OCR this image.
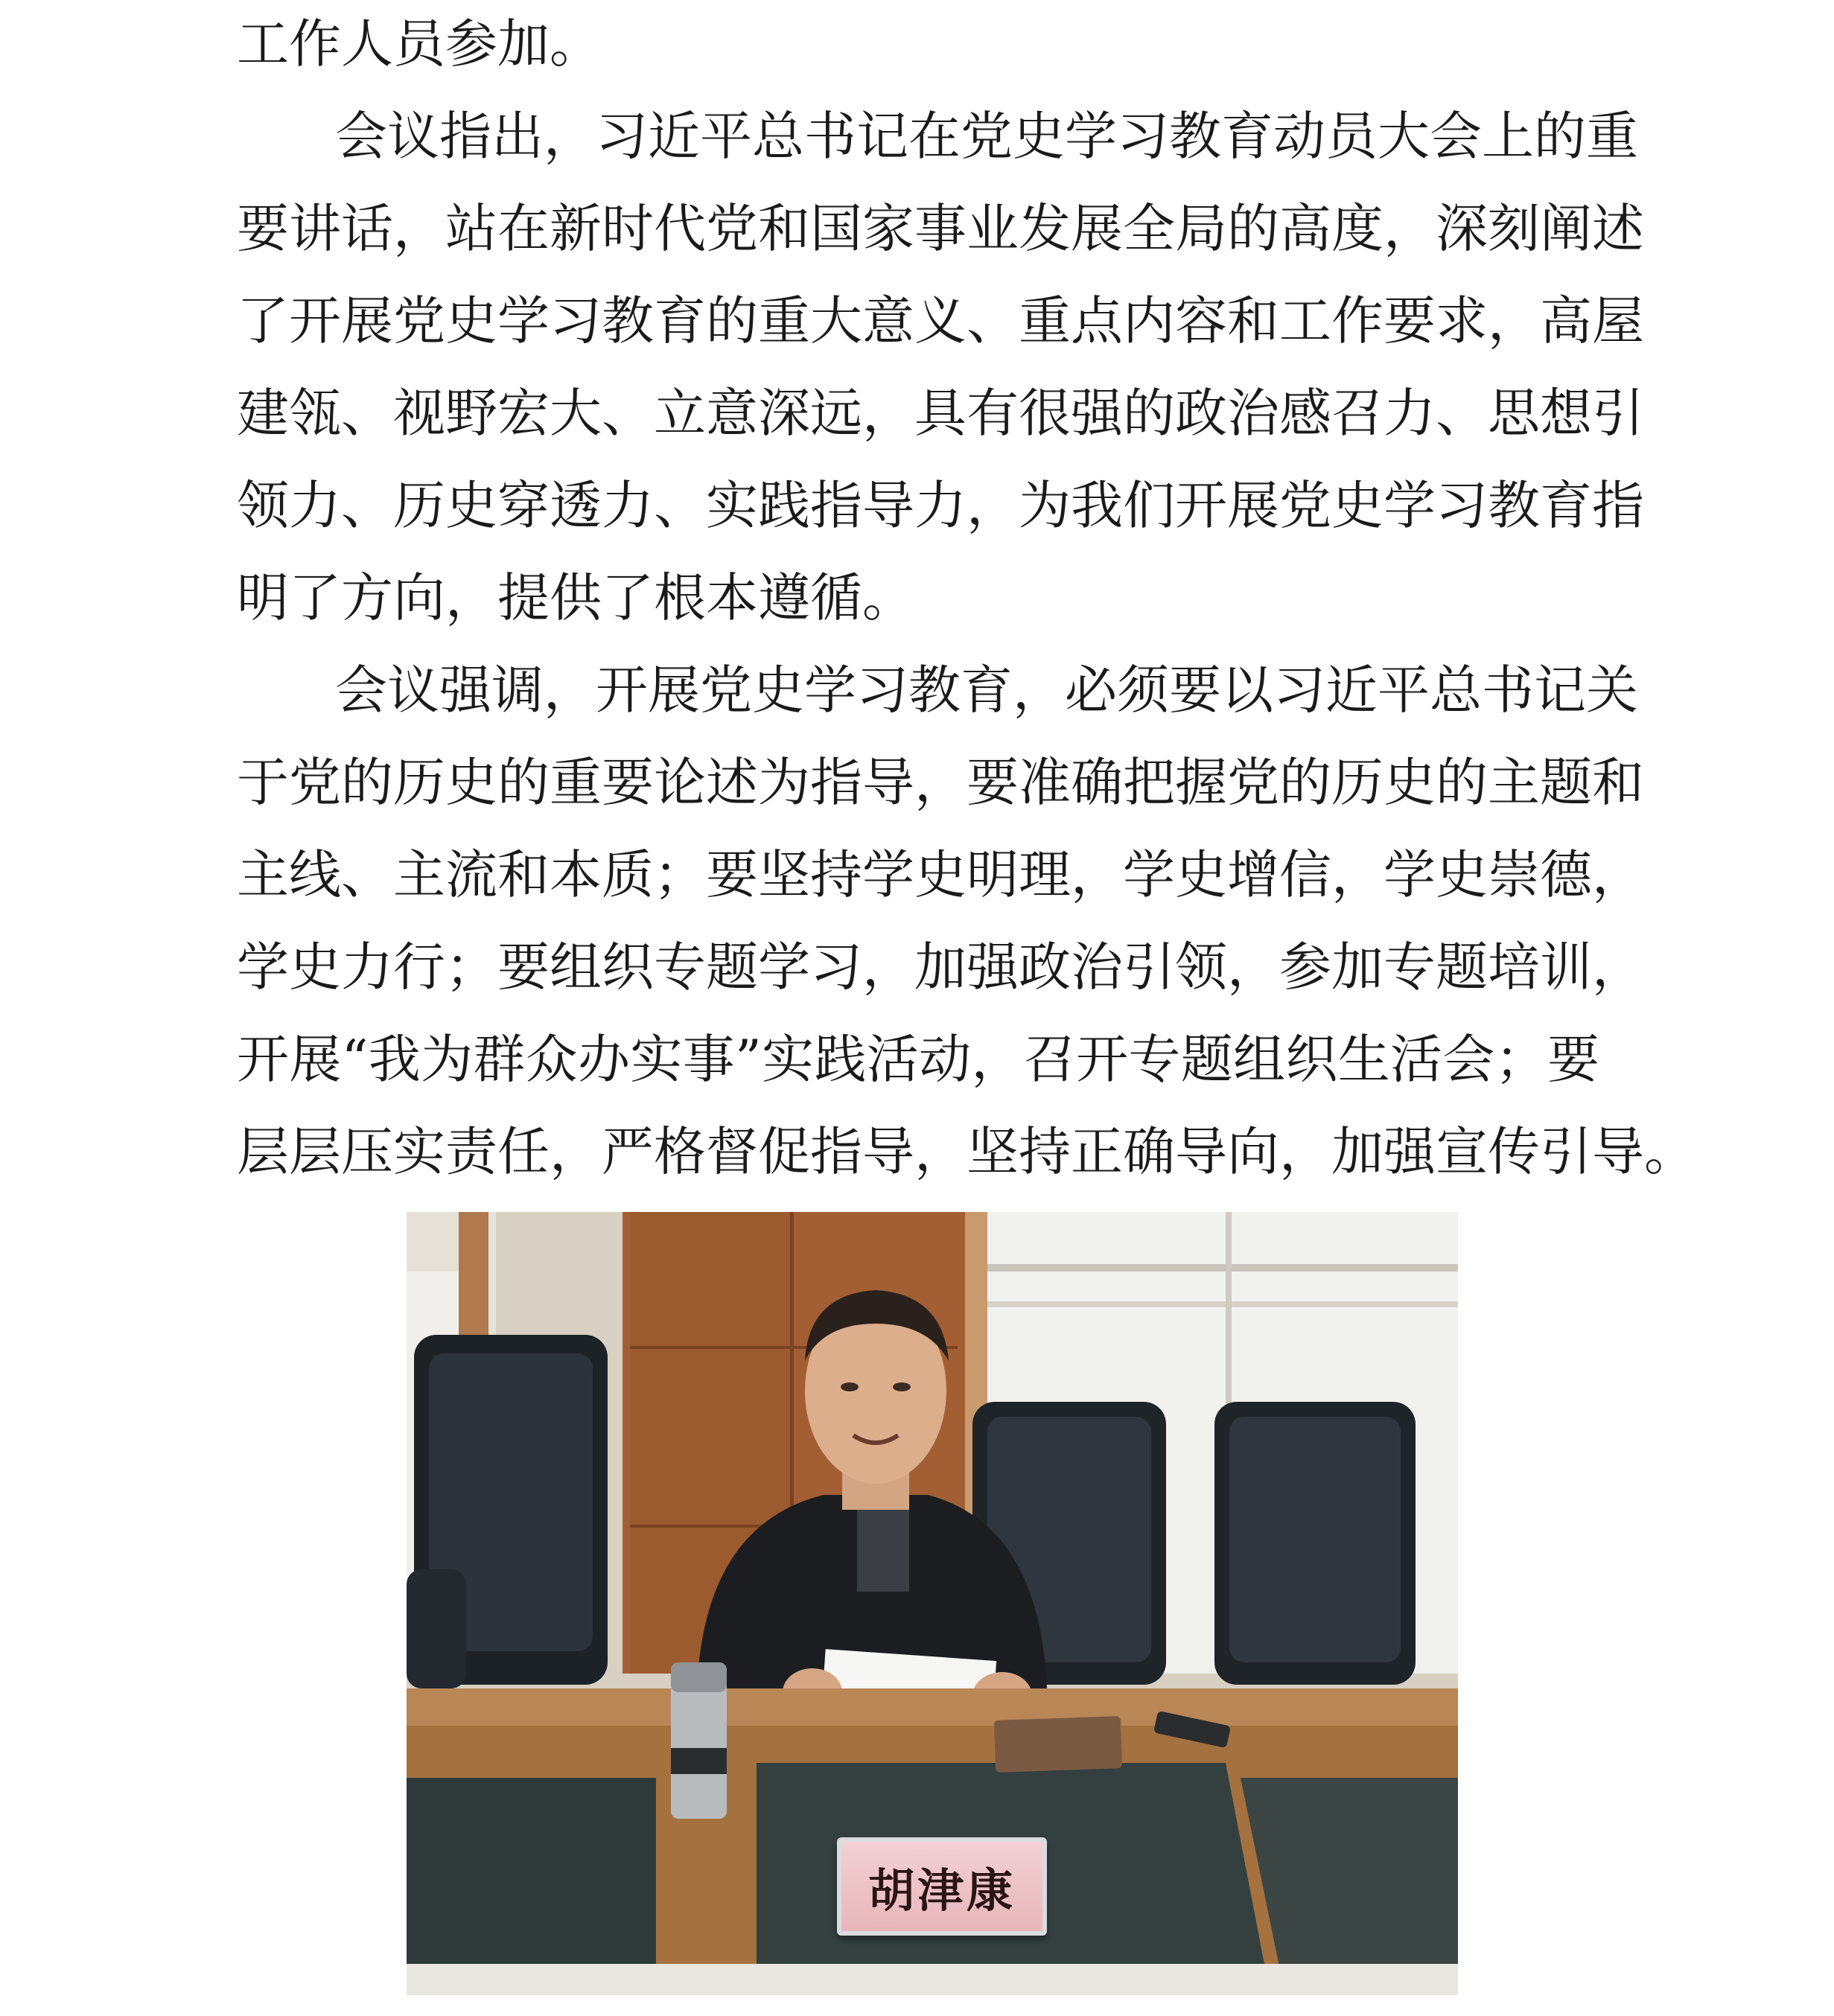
工作人员参加。
会议指出，习近平总书记在党史学习教育动员大会上的重
要讲话，站在新时代党和国家事业发展全局的高度，深刻阐述
了开展党史学习教育的重大意义、重点内容和工作要求，高屋
建瓴、视野宏大、立意深远，具有很强的政治感召力、思想引
领力、历史穿透力、实践指导力，为我们开展党史学习教育指
明了方向，提供了根本遵循。
会议强调，开展党史学习教育，必须要以习近平总书记关
于党的历史的重要论述为指导，要准确把握党的历史的主题和
主线、主流和本质；要坚持学史明理，学史增信，学史崇德，
学史力行；要组织专题学习，加强政治引领，参加专题培训，
开展“我为群众办实事”实践活动，召开专题组织生活会；要
层层压实责任，严格督促指导，坚持正确导向，加强宣传引导。
胡津康
